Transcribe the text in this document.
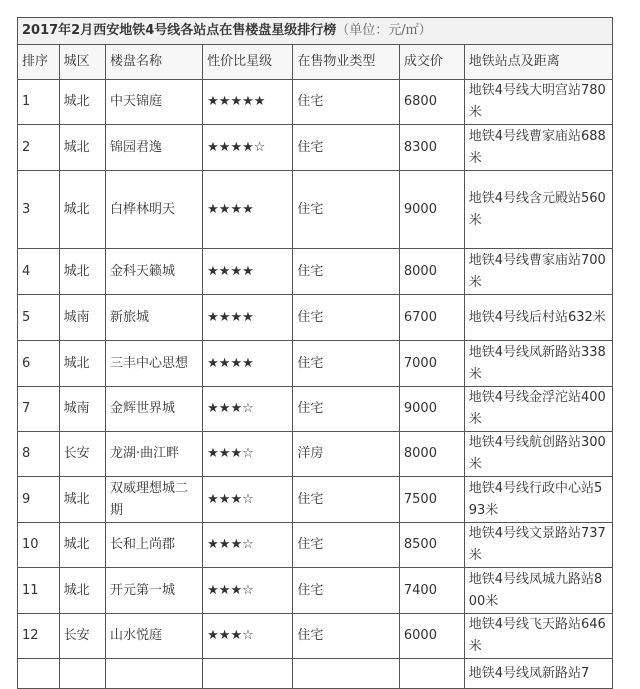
2017年2月西安地铁4号线各站点在售楼盘星级排行榜（单位：元/㎡）						
排序	城区	楼盘名称	性价比星级	在售物业类型	成交价	地铁站点及距离
1	城北	中天锦庭	★★★★★	住宅	6800	地铁4号线大明宫站780米
2	城北	锦园君逸	★★★★☆	住宅	8300	地铁4号线曹家庙站688米
3	城北	白桦林明天	★★★★	住宅	9000	地铁4号线含元殿站560米
4	城北	金科天籁城	★★★★	住宅	8000	地铁4号线曹家庙站700米
5	城南	新旅城	★★★★	住宅	6700	地铁4号线后村站632米
6	城北	三丰中心思想	★★★★	住宅	7000	地铁4号线凤新路站338米
7	城南	金辉世界城	★★★☆	住宅	9000	地铁4号线金浮沱站400米
8	长安	龙湖·曲江畔	★★★☆	洋房	8000	地铁4号线航创路站300米
9	城北	双威理想城二期	★★★☆	住宅	7500	地铁4号线行政中心站593米
10	城北	长和上尚郡	★★★☆	住宅	8500	地铁4号线文景路站737米
11	城北	开元第一城	★★★☆	住宅	7400	地铁4号线凤城九路站800米
12	长安	山水悦庭	★★★☆	住宅	6000	地铁4号线飞天路站646米
						地铁4号线凤新路站7
